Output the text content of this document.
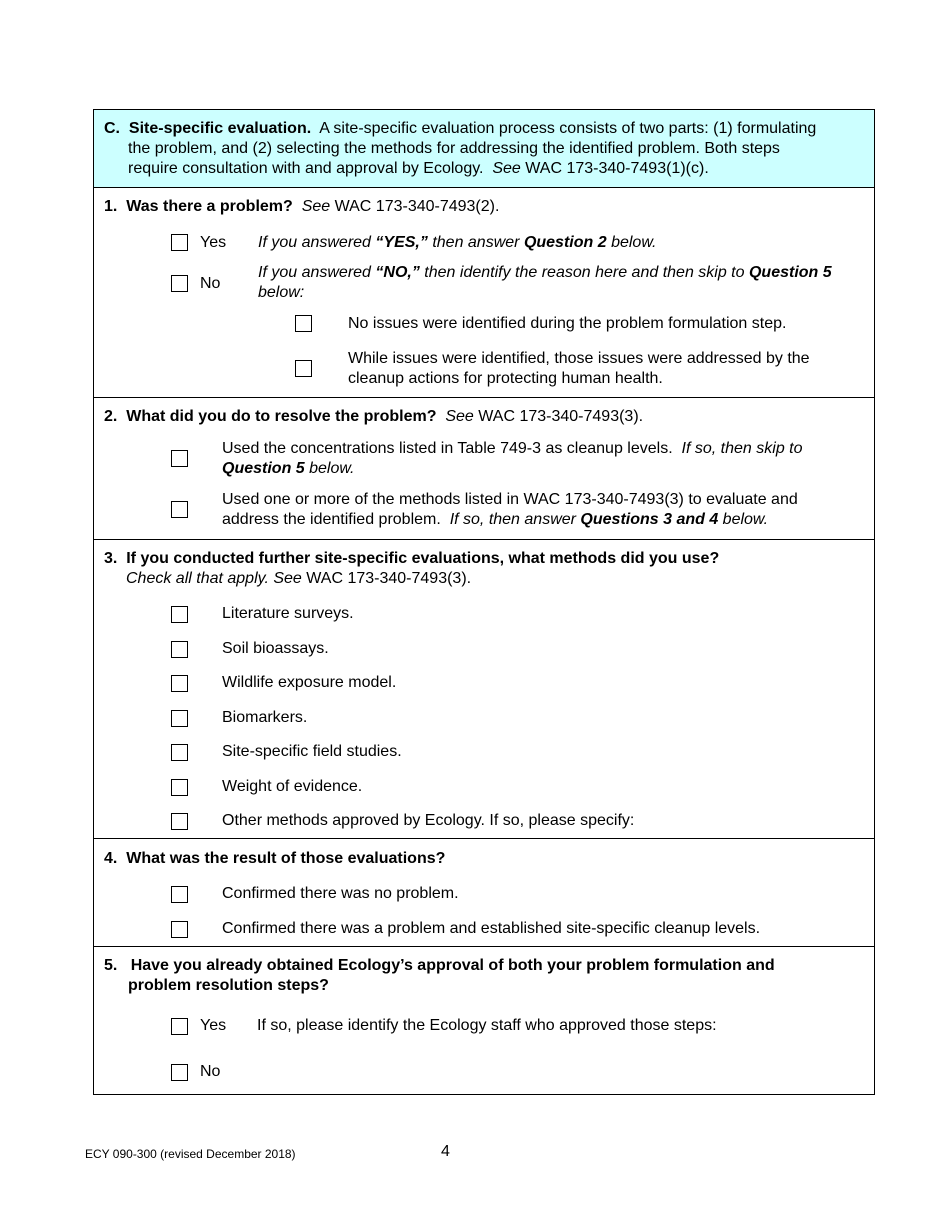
C. Site-specific evaluation. A site-specific evaluation process consists of two parts: (1) formulating
the problem, and (2) selecting the methods for addressing the identified problem. Both steps
require consultation with and approval by Ecology. See WAC 173-340-7493(1)(c).
1. Was there a problem? See WAC 173-340-7493(2).
Yes If you answered “YES,” then answer Question 2 below.
No
If you answered “NO,” then identify the reason here and then skip to Question 5
below:
No issues were identified during the problem formulation step.
While issues were identified, those issues were addressed by the
cleanup actions for protecting human health.
2. What did you do to resolve the problem? See WAC 173-340-7493(3).
Used the concentrations listed in Table 749-3 as cleanup levels. If so, then skip to
Question 5 below.
Used one or more of the methods listed in WAC 173-340-7493(3) to evaluate and
address the identified problem. If so, then answer Questions 3 and 4 below.
3. If you conducted further site-specific evaluations, what methods did you use?
Check all that apply. See WAC 173-340-7493(3).
Literature surveys.
Soil bioassays.
Wildlife exposure model.
Biomarkers.
Site-specific field studies.
Weight of evidence.
Other methods approved by Ecology. If so, please specify:
4. What was the result of those evaluations?
Confirmed there was no problem.
Confirmed there was a problem and established site-specific cleanup levels.
5. Have you already obtained Ecology’s approval of both your problem formulation and
problem resolution steps?
Yes If so, please identify the Ecology staff who approved those steps:
No
ECY 090-300 (revised December 2018)	4
